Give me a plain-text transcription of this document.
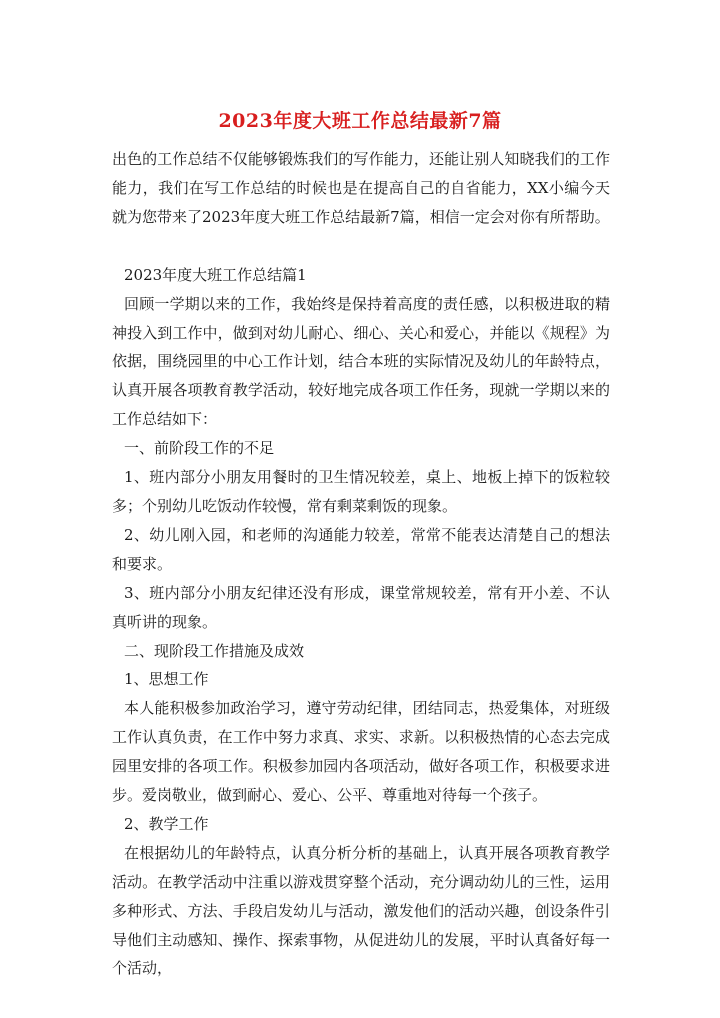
2023年度大班工作总结最新7篇

出色的工作总结不仅能够锻炼我们的写作能力，还能让别人知晓我们的工作能力，我们在写工作总结的时候也是在提高自己的自省能力，XX小编今天就为您带来了2023年度大班工作总结最新7篇，相信一定会对你有所帮助。

2023年度大班工作总结篇1

回顾一学期以来的工作，我始终是保持着高度的责任感，以积极进取的精神投入到工作中，做到对幼儿耐心、细心、关心和爱心，并能以《规程》为依据，围绕园里的中心工作计划，结合本班的实际情况及幼儿的年龄特点，认真开展各项教育教学活动，较好地完成各项工作任务，现就一学期以来的工作总结如下：

一、前阶段工作的不足

1、班内部分小朋友用餐时的卫生情况较差，桌上、地板上掉下的饭粒较多；个别幼儿吃饭动作较慢，常有剩菜剩饭的现象。

2、幼儿刚入园，和老师的沟通能力较差，常常不能表达清楚自己的想法和要求。

3、班内部分小朋友纪律还没有形成，课堂常规较差，常有开小差、不认真听讲的现象。

二、现阶段工作措施及成效

1、思想工作

本人能积极参加政治学习，遵守劳动纪律，团结同志，热爱集体，对班级工作认真负责，在工作中努力求真、求实、求新。以积极热情的心态去完成园里安排的各项工作。积极参加园内各项活动，做好各项工作，积极要求进步。爱岗敬业，做到耐心、爱心、公平、尊重地对待每一个孩子。

2、教学工作

在根据幼儿的年龄特点，认真分析分析的基础上，认真开展各项教育教学活动。在教学活动中注重以游戏贯穿整个活动，充分调动幼儿的三性，运用多种形式、方法、手段启发幼儿与活动，激发他们的活动兴趣，创设条件引导他们主动感知、操作、探索事物，从促进幼儿的发展，平时认真备好每一个活动，
